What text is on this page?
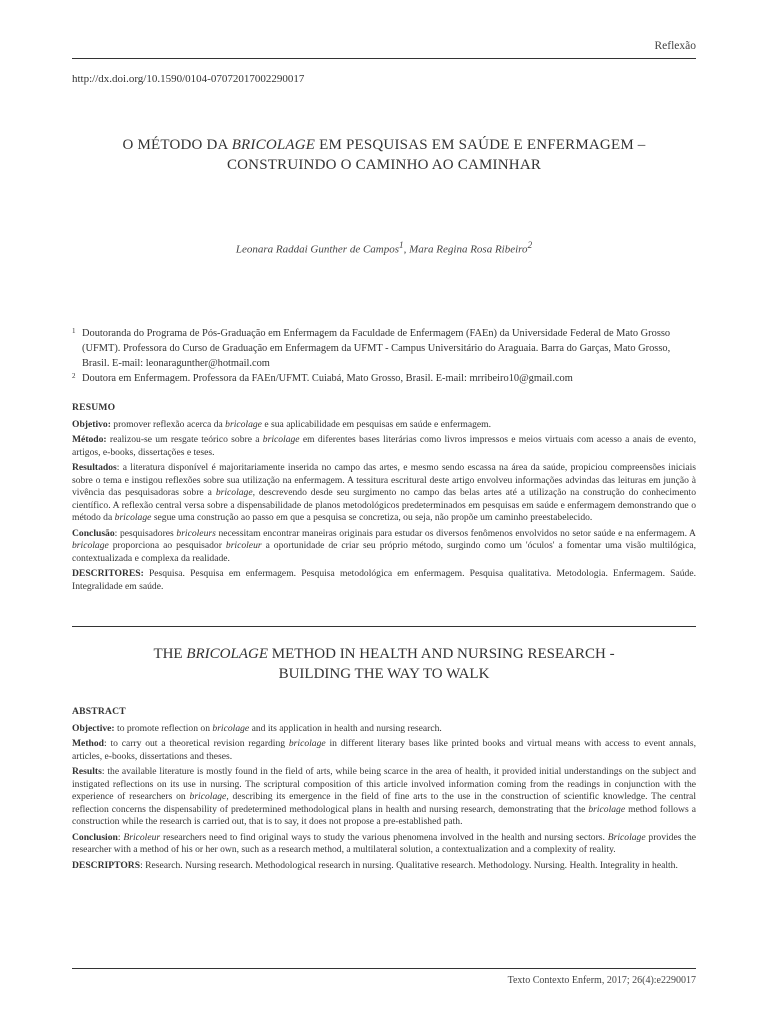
Reflexão
http://dx.doi.org/10.1590/0104-07072017002290017
O MÉTODO DA BRICOLAGE EM PESQUISAS EM SAÚDE E ENFERMAGEM –
CONSTRUINDO O CAMINHO AO CAMINHAR
Leonara Raddai Gunther de Campos$^1$, Mara Regina Rosa Ribeiro$^2$
1 Doutoranda do Programa de Pós-Graduação em Enfermagem da Faculdade de Enfermagem (FAEn) da Universidade Federal de Mato Grosso (UFMT). Professora do Curso de Graduação em Enfermagem da UFMT - Campus Universitário do Araguaia. Barra do Garças, Mato Grosso, Brasil. E-mail: leonaragunther@hotmail.com
2 Doutora em Enfermagem. Professora da FAEn/UFMT. Cuiabá, Mato Grosso, Brasil. E-mail: mrribeiro10@gmail.com
RESUMO

Objetivo: promover reflexão acerca da bricolage e sua aplicabilidade em pesquisas em saúde e enfermagem.

Método: realizou-se um resgate teórico sobre a bricolage em diferentes bases literárias como livros impressos e meios virtuais com acesso a anais de evento, artigos, e-books, dissertações e teses.

Resultados: a literatura disponível é majoritariamente inserida no campo das artes, e mesmo sendo escassa na área da saúde, propiciou compreensões iniciais sobre o tema e instigou reflexões sobre sua utilização na enfermagem. A tessitura escritural deste artigo envolveu informações advindas das leituras em junção à vivência das pesquisadoras sobre a bricolage, descrevendo desde seu surgimento no campo das belas artes até a utilização na construção do conhecimento científico. A reflexão central versa sobre a dispensabilidade de planos metodológicos predeterminados em pesquisas em saúde e enfermagem demonstrando que o método da bricolage segue uma construção ao passo em que a pesquisa se concretiza, ou seja, não propõe um caminho preestabelecido.

Conclusão: pesquisadores bricoleurs necessitam encontrar maneiras originais para estudar os diversos fenômenos envolvidos no setor saúde e na enfermagem. A bricolage proporciona ao pesquisador bricoleur a oportunidade de criar seu próprio método, surgindo como um 'óculos' a fomentar uma visão multilógica, contextualizada e complexa da realidade.

DESCRITORES: Pesquisa. Pesquisa em enfermagem. Pesquisa metodológica em enfermagem. Pesquisa qualitativa. Metodologia. Enfermagem. Saúde. Integralidade em saúde.

THE BRICOLAGE METHOD IN HEALTH AND NURSING RESEARCH -
BUILDING THE WAY TO WALK
ABSTRACT

Objective: to promote reflection on bricolage and its application in health and nursing research.

Method: to carry out a theoretical revision regarding bricolage in different literary bases like printed books and virtual means with access to event annals, articles, e-books, dissertations and theses.

Results: the available literature is mostly found in the field of arts, while being scarce in the area of health, it provided initial understandings on the subject and instigated reflections on its use in nursing. The scriptural composition of this article involved information coming from the readings in conjunction with the experience of researchers on bricolage, describing its emergence in the field of fine arts to the use in the construction of scientific knowledge. The central reflection concerns the dispensability of predetermined methodological plans in health and nursing research, demonstrating that the bricolage method follows a construction while the research is carried out, that is to say, it does not propose a pre-established path.

Conclusion: Bricoleur researchers need to find original ways to study the various phenomena involved in the health and nursing sectors. Bricolage provides the researcher with a method of his or her own, such as a research method, a multilateral solution, a contextualization and a complexity of reality.

DESCRIPTORS: Research. Nursing research. Methodological research in nursing. Qualitative research. Methodology. Nursing. Health. Integrality in health.

Texto Contexto Enferm, 2017; 26(4):e2290017
